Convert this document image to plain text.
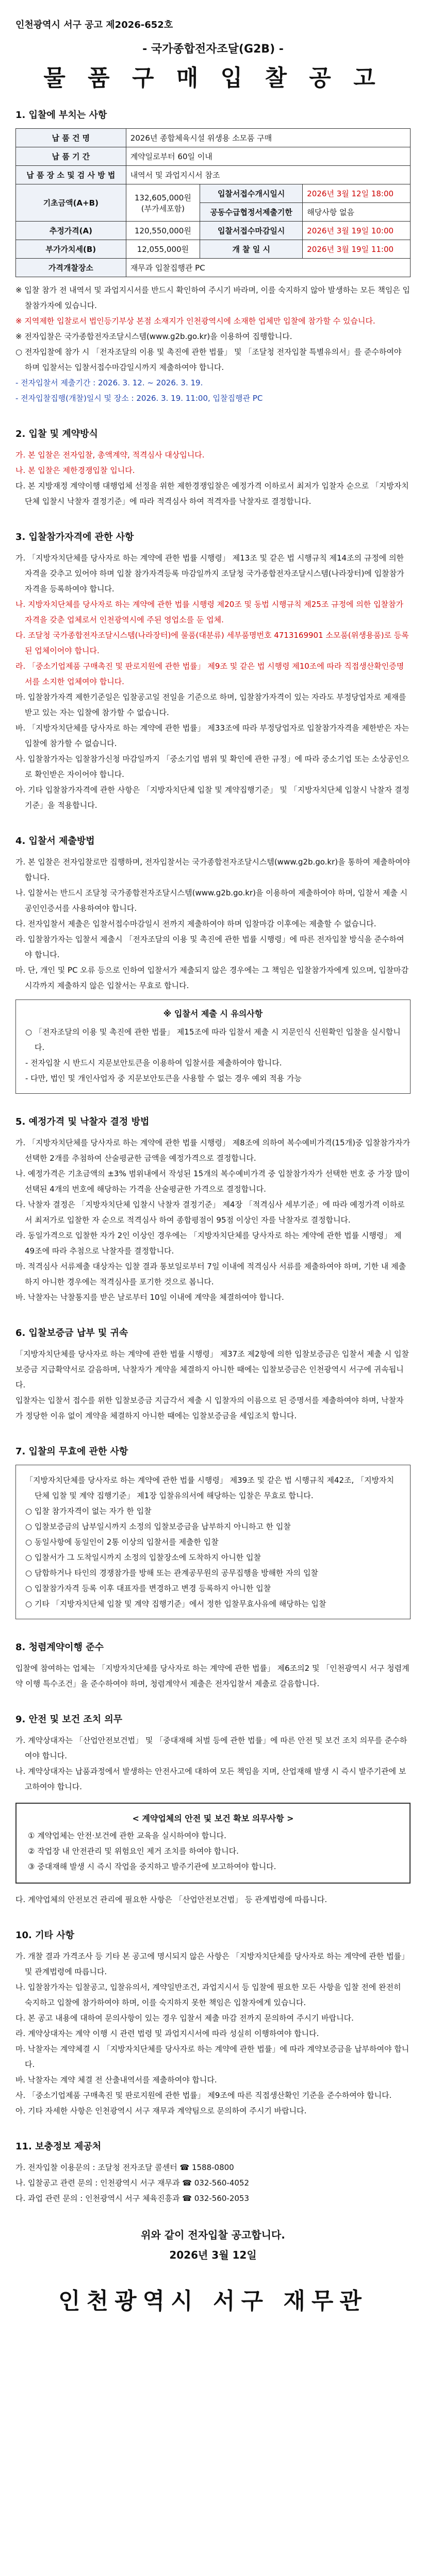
인천광역시 서구 공고 제2026-652호
- 국가종합전자조달(G2B) -
물 품 구 매 입 찰 공 고
1. 입찰에 부치는 사항
납 품 건 명	2026년 종합체육시설 위생용 소모품 구매		
납 품 기 간	계약일로부터 60일 이내		
납 품 장 소 및 검 사 방 법	내역서 및 과업지시서 참조		
기초금액(A+B)	132,605,000원
(부가세포함)	입찰서접수개시일시	2026년 3월 12일 18:00
		공동수급협정서제출기한	해당사항 없음
추정가격(A)	120,550,000원	입찰서접수마감일시	2026년 3월 19일 10:00
부가가치세(B)	12,055,000원	개 찰 일 시	2026년 3월 19일 11:00
가격개찰장소	재무과 입찰집행관 PC		
※ 입찰 참가 전 내역서 및 과업지시서를 반드시 확인하여 주시기 바라며, 이를 숙지하지 않아 발생하는 모든 책임은 입찰참가자에 있습니다.
※ 지역제한 입찰로서 법인등기부상 본점 소재지가 인천광역시에 소재한 업체만 입찰에 참가할 수 있습니다.
※ 전자입찰은 국가종합전자조달시스템(www.g2b.go.kr)을 이용하여 집행합니다.
○ 전자입찰에 참가 시 「전자조달의 이용 및 촉진에 관한 법률」 및 「조달청 전자입찰 특별유의서」를 준수하여야 하며 입찰서는 입찰서접수마감일시까지 제출하여야 합니다.
- 전자입찰서 제출기간 : 2026. 3. 12. ~ 2026. 3. 19.
- 전자입찰집행(개찰)일시 및 장소 : 2026. 3. 19. 11:00, 입찰집행관 PC
2. 입찰 및 계약방식
가. 본 입찰은 전자입찰, 총액계약, 적격심사 대상입니다.
나. 본 입찰은 제한경쟁입찰 입니다.
다. 본 지방재정 계약이행 대행업체 선정을 위한 제한경쟁입찰은 예정가격 이하로서 최저가 입찰자 순으로 「지방자치단체 입찰시 낙찰자 결정기준」에 따라 적격심사 하여 적격자를 낙찰자로 결정합니다.
3. 입찰참가자격에 관한 사항
가. 「지방자치단체를 당사자로 하는 계약에 관한 법률 시행령」 제13조 및 같은 법 시행규칙 제14조의 규정에 의한 자격을 갖추고 있어야 하며 입찰 참가자격등록 마감일까지 조달청 국가종합전자조달시스템(나라장터)에 입찰참가자격을 등록하여야 합니다.
나. 지방자치단체를 당사자로 하는 계약에 관한 법률 시행령 제20조 및 동법 시행규칙 제25조 규정에 의한 입찰참가자격을 갖춘 업체로서 인천광역시에 주된 영업소를 둔 업체.
다. 조달청 국가종합전자조달시스템(나라장터)에 물품(대분류) 세부품명번호 4713169901 소모품(위생용품)로 등록된 업체이어야 합니다.
라. 「중소기업제품 구매촉진 및 판로지원에 관한 법률」 제9조 및 같은 법 시행령 제10조에 따라 직접생산확인증명서를 소지한 업체여야 합니다.
마. 입찰참가자격 제한기준일은 입찰공고일 전일을 기준으로 하며, 입찰참가자격이 있는 자라도 부정당업자로 제재를 받고 있는 자는 입찰에 참가할 수 없습니다.
바. 「지방자치단체를 당사자로 하는 계약에 관한 법률」 제33조에 따라 부정당업자로 입찰참가자격을 제한받은 자는 입찰에 참가할 수 없습니다.
사. 입찰참가자는 입찰참가신청 마감일까지 「중소기업 범위 및 확인에 관한 규정」에 따라 중소기업 또는 소상공인으로 확인받은 자이어야 합니다.
아. 기타 입찰참가자격에 관한 사항은 「지방자치단체 입찰 및 계약집행기준」 및 「지방자치단체 입찰시 낙찰자 결정기준」을 적용합니다.
4. 입찰서 제출방법
가. 본 입찰은 전자입찰로만 집행하며, 전자입찰서는 국가종합전자조달시스템(www.g2b.go.kr)을 통하여 제출하여야 합니다.
나. 입찰서는 반드시 조달청 국가종합전자조달시스템(www.g2b.go.kr)을 이용하여 제출하여야 하며, 입찰서 제출 시 공인인증서를 사용하여야 합니다.
다. 전자입찰서 제출은 입찰서접수마감일시 전까지 제출하여야 하며 입찰마감 이후에는 제출할 수 없습니다.
라. 입찰참가자는 입찰서 제출시 「전자조달의 이용 및 촉진에 관한 법률 시행령」에 따른 전자입찰 방식을 준수하여야 합니다.
마. 단, 개인 및 PC 오류 등으로 인하여 입찰서가 제출되지 않은 경우에는 그 책임은 입찰참가자에게 있으며, 입찰마감 시각까지 제출하지 않은 입찰서는 무효로 합니다.
※ 입찰서 제출 시 유의사항
○ 「전자조달의 이용 및 촉진에 관한 법률」 제15조에 따라 입찰서 제출 시 지문인식 신원확인 입찰을 실시합니다.
- 전자입찰 시 반드시 지문보안토큰을 이용하여 입찰서를 제출하여야 합니다.
- 다만, 법인 및 개인사업자 중 지문보안토큰을 사용할 수 없는 경우 예외 적용 가능
5. 예정가격 및 낙찰자 결정 방법
가. 「지방자치단체를 당사자로 하는 계약에 관한 법률 시행령」 제8조에 의하여 복수예비가격(15개)중 입찰참가자가 선택한 2개를 추첨하여 산술평균한 금액을 예정가격으로 결정합니다.
나. 예정가격은 기초금액의 ±3% 범위내에서 작성된 15개의 복수예비가격 중 입찰참가자가 선택한 번호 중 가장 많이 선택된 4개의 번호에 해당하는 가격을 산술평균한 가격으로 결정합니다.
다. 낙찰자 결정은 「지방자치단체 입찰시 낙찰자 결정기준」 제4장 「적격심사 세부기준」에 따라 예정가격 이하로서 최저가로 입찰한 자 순으로 적격심사 하여 종합평점이 95점 이상인 자를 낙찰자로 결정합니다.
라. 동일가격으로 입찰한 자가 2인 이상인 경우에는 「지방자치단체를 당사자로 하는 계약에 관한 법률 시행령」 제49조에 따라 추첨으로 낙찰자를 결정합니다.
마. 적격심사 서류제출 대상자는 입찰 결과 통보일로부터 7일 이내에 적격심사 서류를 제출하여야 하며, 기한 내 제출하지 아니한 경우에는 적격심사를 포기한 것으로 봅니다.
바. 낙찰자는 낙찰통지를 받은 날로부터 10일 이내에 계약을 체결하여야 합니다.
6. 입찰보증금 납부 및 귀속
「지방자치단체를 당사자로 하는 계약에 관한 법률 시행령」 제37조 제2항에 의한 입찰보증금은 입찰서 제출 시 입찰보증금 지급확약서로 갈음하며, 낙찰자가 계약을 체결하지 아니한 때에는 입찰보증금은 인천광역시 서구에 귀속됩니다.
입찰자는 입찰서 접수를 위한 입찰보증금 지급각서 제출 시 입찰자의 이름으로 된 증명서를 제출하여야 하며, 낙찰자가 정당한 이유 없이 계약을 체결하지 아니한 때에는 입찰보증금을 세입조치 합니다.
7. 입찰의 무효에 관한 사항
「지방자치단체를 당사자로 하는 계약에 관한 법률 시행령」 제39조 및 같은 법 시행규칙 제42조, 「지방자치단체 입찰 및 계약 집행기준」 제1장 입찰유의서에 해당하는 입찰은 무효로 합니다.
○ 입찰 참가자격이 없는 자가 한 입찰
○ 입찰보증금의 납부일시까지 소정의 입찰보증금을 납부하지 아니하고 한 입찰
○ 동일사항에 동일인이 2통 이상의 입찰서를 제출한 입찰
○ 입찰서가 그 도착일시까지 소정의 입찰장소에 도착하지 아니한 입찰
○ 담합하거나 타인의 경쟁참가를 방해 또는 관계공무원의 공무집행을 방해한 자의 입찰
○ 입찰참가자격 등록 이후 대표자를 변경하고 변경 등록하지 아니한 입찰
○ 기타 「지방자치단체 입찰 및 계약 집행기준」에서 정한 입찰무효사유에 해당하는 입찰
8. 청렴계약이행 준수
입찰에 참여하는 업체는 「지방자치단체를 당사자로 하는 계약에 관한 법률」 제6조의2 및 「인천광역시 서구 청렴계약 이행 특수조건」을 준수하여야 하며, 청렴계약서 제출은 전자입찰서 제출로 갈음합니다.
9. 안전 및 보건 조치 의무
가. 계약상대자는 「산업안전보건법」 및 「중대재해 처벌 등에 관한 법률」에 따른 안전 및 보건 조치 의무를 준수하여야 합니다.
나. 계약상대자는 납품과정에서 발생하는 안전사고에 대하여 모든 책임을 지며, 산업재해 발생 시 즉시 발주기관에 보고하여야 합니다.
< 계약업체의 안전 및 보건 확보 의무사항 >
① 계약업체는 안전·보건에 관한 교육을 실시하여야 합니다.
② 작업장 내 안전관리 및 위험요인 제거 조치를 하여야 합니다.
③ 중대재해 발생 시 즉시 작업을 중지하고 발주기관에 보고하여야 합니다.
다. 계약업체의 안전보건 관리에 필요한 사항은 「산업안전보건법」 등 관계법령에 따릅니다.
10. 기타 사항
가. 개찰 결과 가격조사 등 기타 본 공고에 명시되지 않은 사항은 「지방자치단체를 당사자로 하는 계약에 관한 법률」 및 관계법령에 따릅니다.
나. 입찰참가자는 입찰공고, 입찰유의서, 계약일반조건, 과업지시서 등 입찰에 필요한 모든 사항을 입찰 전에 완전히 숙지하고 입찰에 참가하여야 하며, 이를 숙지하지 못한 책임은 입찰자에게 있습니다.
다. 본 공고 내용에 대하여 문의사항이 있는 경우 입찰서 제출 마감 전까지 문의하여 주시기 바랍니다.
라. 계약상대자는 계약 이행 시 관련 법령 및 과업지시서에 따라 성실히 이행하여야 합니다.
마. 낙찰자는 계약체결 시 「지방자치단체를 당사자로 하는 계약에 관한 법률」에 따라 계약보증금을 납부하여야 합니다.
바. 낙찰자는 계약 체결 전 산출내역서를 제출하여야 합니다.
사. 「중소기업제품 구매촉진 및 판로지원에 관한 법률」 제9조에 따른 직접생산확인 기준을 준수하여야 합니다.
아. 기타 자세한 사항은 인천광역시 서구 재무과 계약팀으로 문의하여 주시기 바랍니다.
11. 보충정보 제공처
가. 전자입찰 이용문의 : 조달청 전자조달 콜센터 ☎ 1588-0800
나. 입찰공고 관련 문의 : 인천광역시 서구 재무과 ☎ 032-560-4052
다. 과업 관련 문의 : 인천광역시 서구 체육진흥과 ☎ 032-560-2053
위와 같이 전자입찰 공고합니다.
2026년 3월 12일
인천광역시 서구 재무관
